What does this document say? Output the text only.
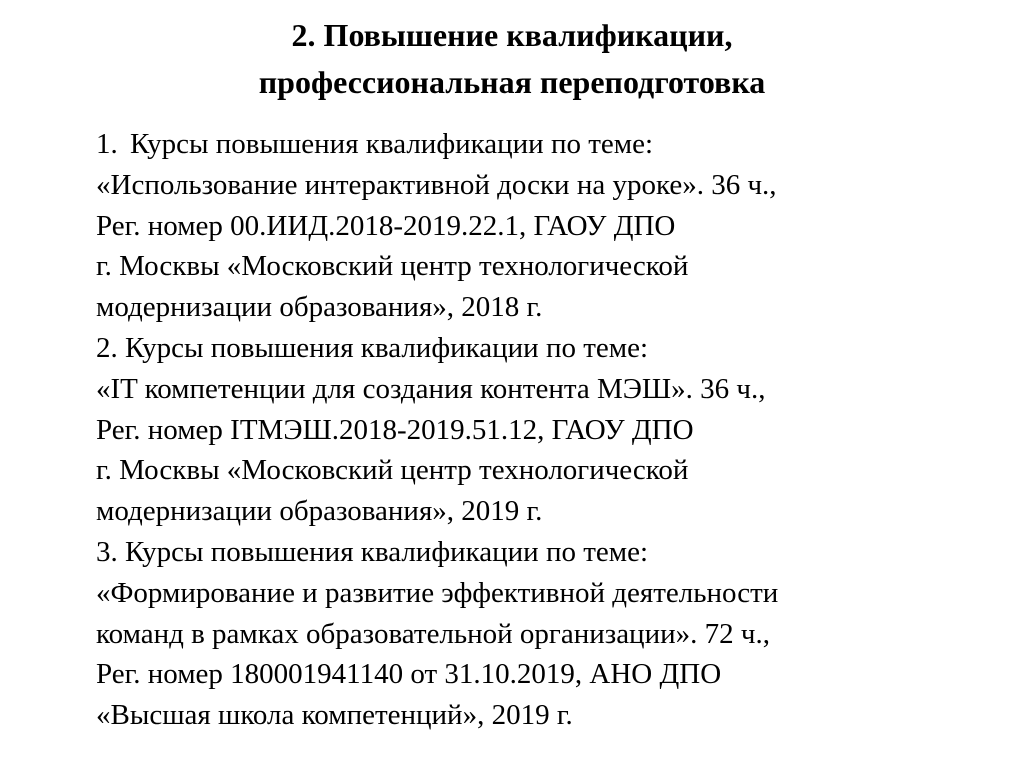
2. Повышение квалификации,
профессиональная переподготовка
1. Курсы повышения квалификации по теме:
«Использование интерактивной доски на уроке». 36 ч.,
Рег. номер 00.ИИД.2018-2019.22.1, ГАОУ ДПО
г. Москвы «Московский центр технологической
модернизации образования», 2018 г.
2. Курсы повышения квалификации по теме:
«IT компетенции для создания контента МЭШ». 36 ч.,
Рег. номер ITМЭШ.2018-2019.51.12, ГАОУ ДПО
г. Москвы «Московский центр технологической
модернизации образования», 2019 г.
3. Курсы повышения квалификации по теме:
«Формирование и развитие эффективной деятельности
команд в рамках образовательной организации». 72 ч.,
Рег. номер 180001941140 от 31.10.2019, АНО ДПО
«Высшая школа компетенций», 2019 г.
